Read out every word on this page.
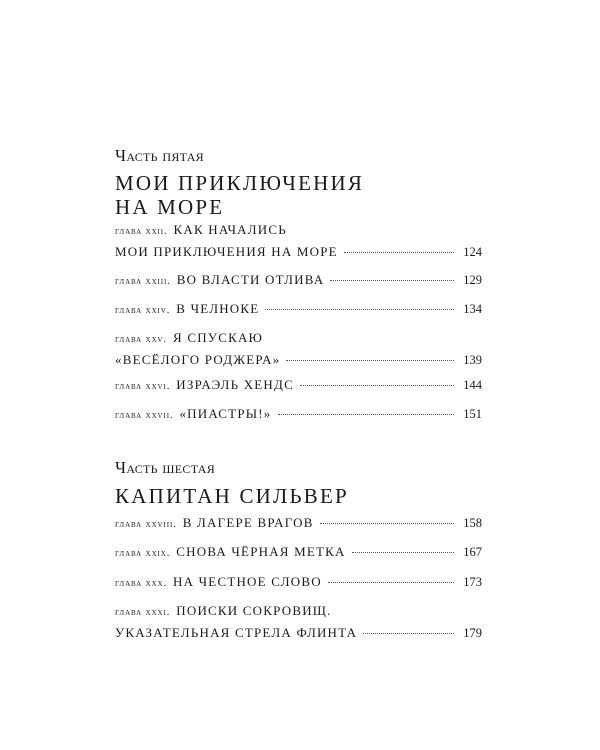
Часть пятая
МОИ ПРИКЛЮЧЕНИЯ
НА МОРЕ
глава xxii. КАК НАЧАЛИСЬ
МОИ ПРИКЛЮЧЕНИЯ НА МОРЕ	124
глава xxiii. ВО ВЛАСТИ ОТЛИВА	129
глава xxiv. В ЧЕЛНОКЕ	134
глава xxv. Я СПУСКАЮ
«ВЕСЁЛОГО РОДЖЕРА»	139
глава xxvi. ИЗРАЭЛЬ ХЕНДС	144
глава xxvii. «ПИАСТРЫ!»	151
Часть шестая
КАПИТАН СИЛЬВЕР
глава xxviii. В ЛАГЕРЕ ВРАГОВ	158
глава xxix. СНОВА ЧЁРНАЯ МЕТКА	167
глава xxx. НА ЧЕСТНОЕ СЛОВО	173
глава xxxi. ПОИСКИ СОКРОВИЩ.
УКАЗАТЕЛЬНАЯ СТРЕЛА ФЛИНТА	179
